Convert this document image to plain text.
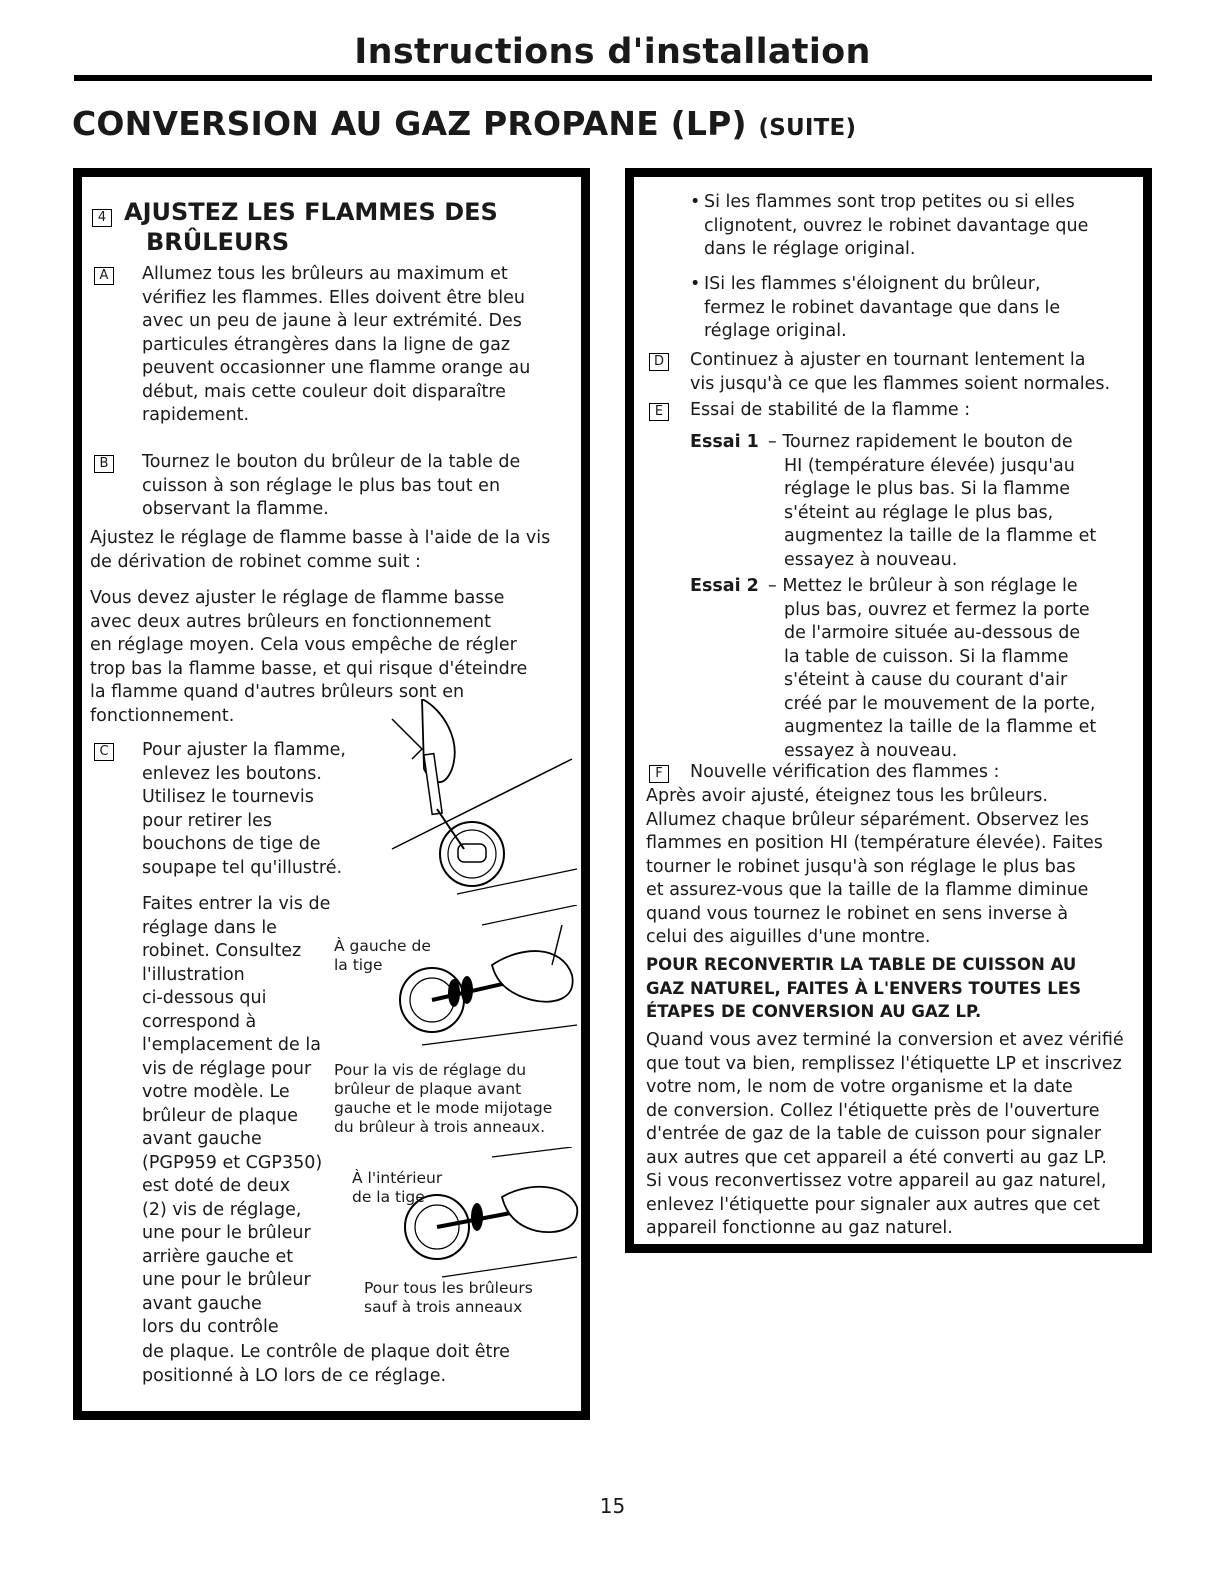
Instructions d'installation
CONVERSION AU GAZ PROPANE (LP) (SUITE)
4 AJUSTEZ LES FLAMMES DES
BRÛLEURS
A	Allumez tous les brûleurs au maximum et
vérifiez les flammes. Elles doivent être bleu
avec un peu de jaune à leur extrémité. Des
particules étrangères dans la ligne de gaz
peuvent occasionner une flamme orange au
début, mais cette couleur doit disparaître
rapidement.
B	Tournez le bouton du brûleur de la table de
cuisson à son réglage le plus bas tout en
observant la flamme.
Ajustez le réglage de flamme basse à l'aide de la vis
de dérivation de robinet comme suit :
Vous devez ajuster le réglage de flamme basse
avec deux autres brûleurs en fonctionnement
en réglage moyen. Cela vous empêche de régler
trop bas la flamme basse, et qui risque d'éteindre
la flamme quand d'autres brûleurs sont en
fonctionnement.
C	Pour ajuster la flamme,
enlevez les boutons.
Utilisez le tournevis
pour retirer les
bouchons de tige de
soupape tel qu'illustré.
Faites entrer la vis de
réglage dans le
robinet. Consultez
l'illustration
ci-dessous qui
correspond à
l'emplacement de la
vis de réglage pour
votre modèle. Le
brûleur de plaque
avant gauche
(PGP959 et CGP350)
est doté de deux
(2) vis de réglage,
une pour le brûleur
arrière gauche et
une pour le brûleur
avant gauche
lors du contrôle
de plaque. Le contrôle de plaque doit être
positionné à LO lors de ce réglage.
À gauche de
la tige
Pour la vis de réglage du
brûleur de plaque avant
gauche et le mode mijotage
du brûleur à trois anneaux.
À l'intérieur
de la tige
Pour tous les brûleurs
sauf à trois anneaux
• Si les flammes sont trop petites ou si elles
clignotent, ouvrez le robinet davantage que
dans le réglage original.
• ISi les flammes s'éloignent du brûleur,
fermez le robinet davantage que dans le
réglage original.
D Continuez à ajuster en tournant lentement la
vis jusqu'à ce que les flammes soient normales.
E	Essai de stabilité de la flamme :
Essai 1 – Tournez rapidement le bouton de
HI (température élevée) jusqu'au
réglage le plus bas. Si la flamme
s'éteint au réglage le plus bas,
augmentez la taille de la flamme et
essayez à nouveau.
Essai 2 – Mettez le brûleur à son réglage le
plus bas, ouvrez et fermez la porte
de l'armoire située au-dessous de
la table de cuisson. Si la flamme
s'éteint à cause du courant d'air
créé par le mouvement de la porte,
augmentez la taille de la flamme et
essayez à nouveau.
F	Nouvelle vérification des flammes :
Après avoir ajusté, éteignez tous les brûleurs.
Allumez chaque brûleur séparément. Observez les
flammes en position HI (température élevée). Faites
tourner le robinet jusqu'à son réglage le plus bas
et assurez-vous que la taille de la flamme diminue
quand vous tournez le robinet en sens inverse à
celui des aiguilles d'une montre.
POUR RECONVERTIR LA TABLE DE CUISSON AU
GAZ NATUREL, FAITES À L'ENVERS TOUTES LES
ÉTAPES DE CONVERSION AU GAZ LP.
Quand vous avez terminé la conversion et avez vérifié
que tout va bien, remplissez l'étiquette LP et inscrivez
votre nom, le nom de votre organisme et la date
de conversion. Collez l'étiquette près de l'ouverture
d'entrée de gaz de la table de cuisson pour signaler
aux autres que cet appareil a été converti au gaz LP.
Si vous reconvertissez votre appareil au gaz naturel,
enlevez l'étiquette pour signaler aux autres que cet
appareil fonctionne au gaz naturel.
15
